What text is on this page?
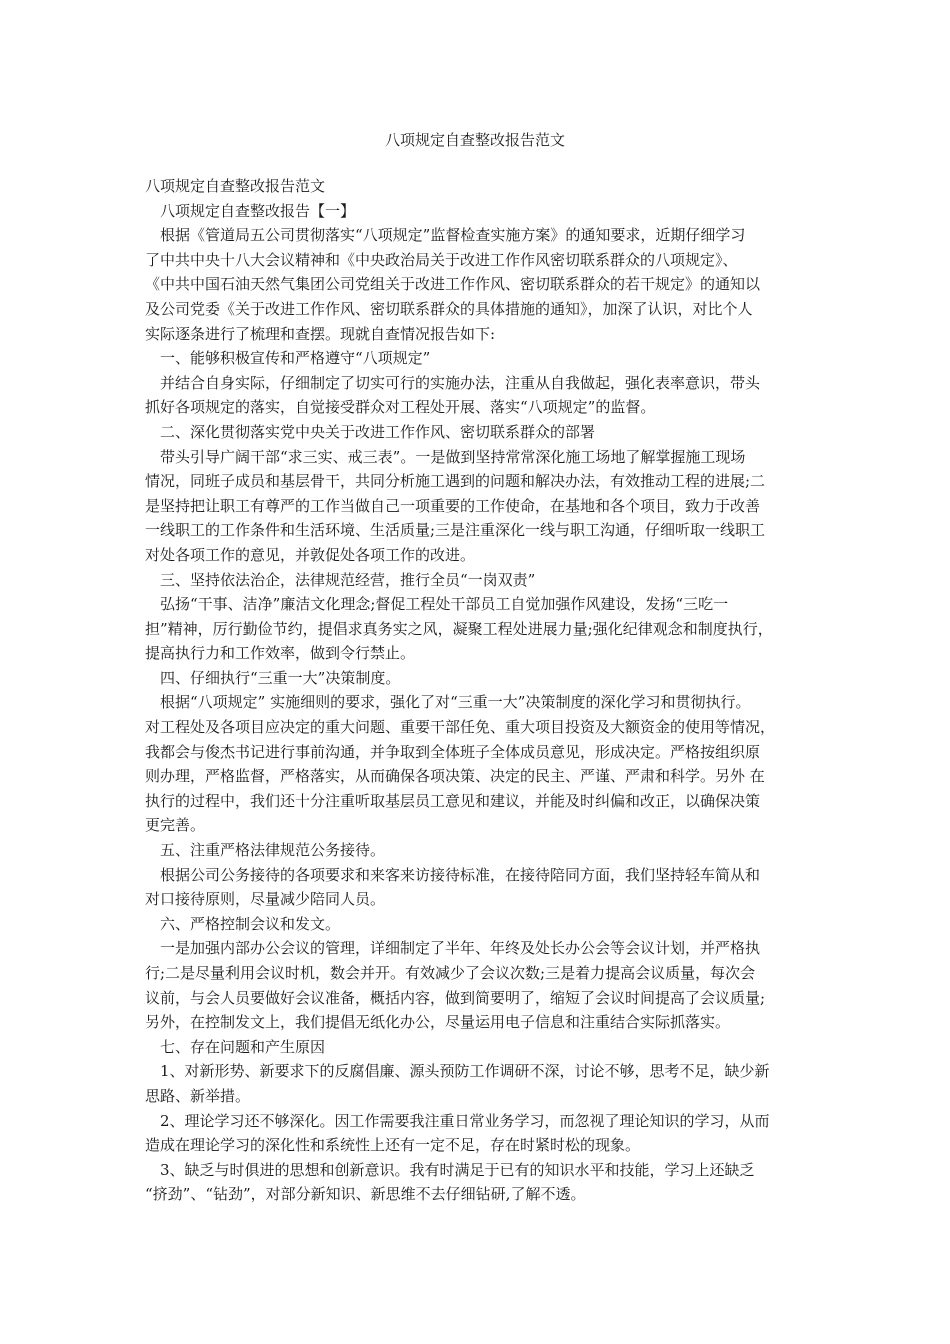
八项规定自查整改报告范文
八项规定自查整改报告范文
八项规定自查整改报告【一】
根据《管道局五公司贯彻落实“八项规定”监督检查实施方案》的通知要求，近期仔细学习
了中共中央十八大会议精神和《中央政治局关于改进工作作风密切联系群众的八项规定》、
《中共中国石油天然气集团公司党组关于改进工作作风、密切联系群众的若干规定》的通知以
及公司党委《关于改进工作作风、密切联系群众的具体措施的通知》，加深了认识，对比个人
实际逐条进行了梳理和查摆。现就自查情况报告如下:
一、能够积极宣传和严格遵守“八项规定”
并结合自身实际，仔细制定了切实可行的实施办法，注重从自我做起，强化表率意识，带头
抓好各项规定的落实，自觉接受群众对工程处开展、落实“八项规定”的监督。
二、深化贯彻落实党中央关于改进工作作风、密切联系群众的部署
带头引导广阔干部“求三实、戒三表”。一是做到坚持常常深化施工场地了解掌握施工现场
情况，同班子成员和基层骨干，共同分析施工遇到的问题和解决办法，有效推动工程的进展;二
是坚持把让职工有尊严的工作当做自己一项重要的工作使命，在基地和各个项目，致力于改善
一线职工的工作条件和生活环境、生活质量;三是注重深化一线与职工沟通，仔细听取一线职工
对处各项工作的意见，并敦促处各项工作的改进。
三、坚持依法治企，法律规范经营，推行全员“一岗双责”
弘扬“干事、洁净”廉洁文化理念;督促工程处干部员工自觉加强作风建设，发扬“三吃一
担”精神，厉行勤俭节约，提倡求真务实之风，凝聚工程处进展力量;强化纪律观念和制度执行，
提高执行力和工作效率，做到令行禁止。
四、仔细执行“三重一大”决策制度。
根据“八项规定” 实施细则的要求，强化了对“三重一大”决策制度的深化学习和贯彻执行。
对工程处及各项目应决定的重大问题、重要干部任免、重大项目投资及大额资金的使用等情况，
我都会与俊杰书记进行事前沟通，并争取到全体班子全体成员意见，形成决定。严格按组织原
则办理，严格监督，严格落实，从而确保各项决策、决定的民主、严谨、严肃和科学。另外 在
执行的过程中，我们还十分注重听取基层员工意见和建议，并能及时纠偏和改正，以确保决策
更完善。
五、注重严格法律规范公务接待。
根据公司公务接待的各项要求和来客来访接待标准，在接待陪同方面，我们坚持轻车简从和
对口接待原则，尽量减少陪同人员。
六、严格控制会议和发文。
一是加强内部办公会议的管理，详细制定了半年、年终及处长办公会等会议计划，并严格执
行;二是尽量利用会议时机，数会并开。有效减少了会议次数;三是着力提高会议质量，每次会
议前，与会人员要做好会议准备，概括内容，做到简要明了，缩短了会议时间提高了会议质量;
另外，在控制发文上，我们提倡无纸化办公，尽量运用电子信息和注重结合实际抓落实。
七、存在问题和产生原因
1、对新形势、新要求下的反腐倡廉、源头预防工作调研不深，讨论不够，思考不足，缺少新
思路、新举措。
2、理论学习还不够深化。因工作需要我注重日常业务学习，而忽视了理论知识的学习，从而
造成在理论学习的深化性和系统性上还有一定不足，存在时紧时松的现象。
3、缺乏与时俱进的思想和创新意识。我有时满足于已有的知识水平和技能，学习上还缺乏
“挤劲”、“钻劲”，对部分新知识、新思维不去仔细钻研,了解不透。
